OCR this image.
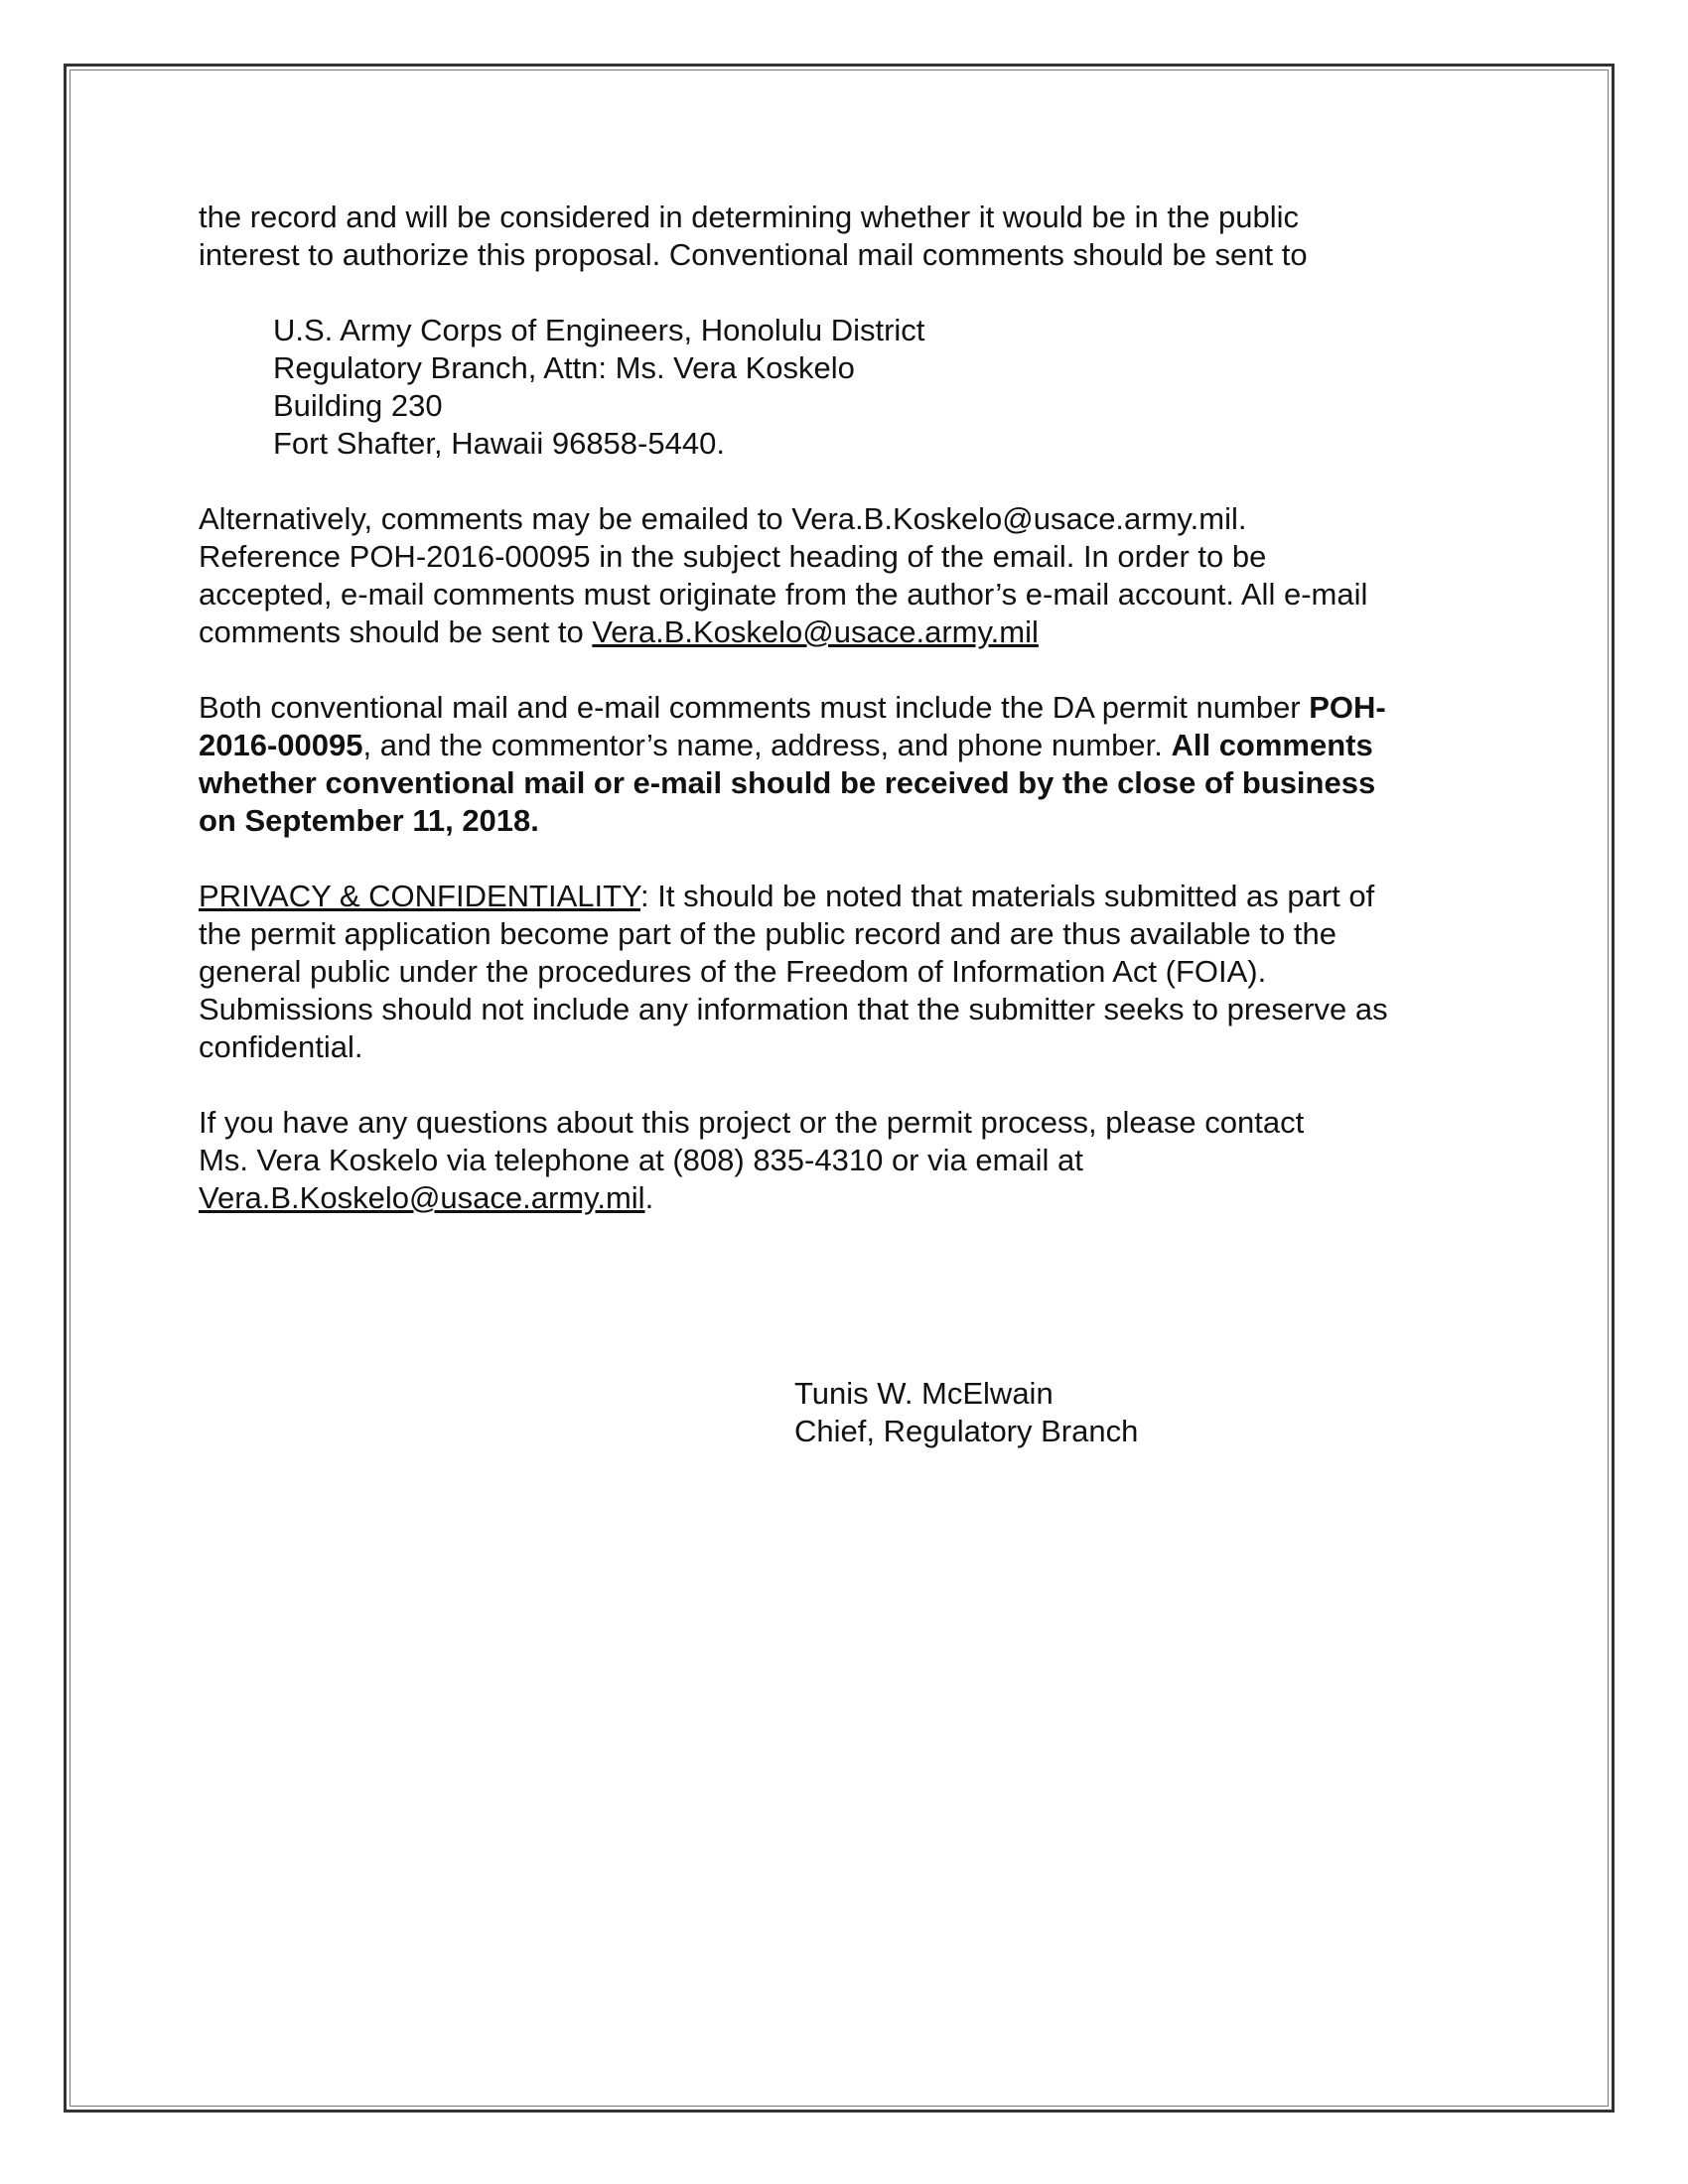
the record and will be considered in determining whether it would be in the public
interest to authorize this proposal. Conventional mail comments should be sent to

U.S. Army Corps of Engineers, Honolulu District
Regulatory Branch, Attn: Ms. Vera Koskelo
Building 230
Fort Shafter, Hawaii 96858-5440.

Alternatively, comments may be emailed to Vera.B.Koskelo@usace.army.mil.
Reference POH-2016-00095 in the subject heading of the email. In order to be
accepted, e-mail comments must originate from the author’s e-mail account. All e-mail
comments should be sent to Vera.B.Koskelo@usace.army.mil

Both conventional mail and e-mail comments must include the DA permit number POH-
2016-00095, and the commentor’s name, address, and phone number. All comments
whether conventional mail or e-mail should be received by the close of business
on September 11, 2018.

PRIVACY & CONFIDENTIALITY: It should be noted that materials submitted as part of
the permit application become part of the public record and are thus available to the
general public under the procedures of the Freedom of Information Act (FOIA).
Submissions should not include any information that the submitter seeks to preserve as
confidential.

If you have any questions about this project or the permit process, please contact
Ms. Vera Koskelo via telephone at (808) 835-4310 or via email at
Vera.B.Koskelo@usace.army.mil.

Tunis W. McElwain
Chief, Regulatory Branch
